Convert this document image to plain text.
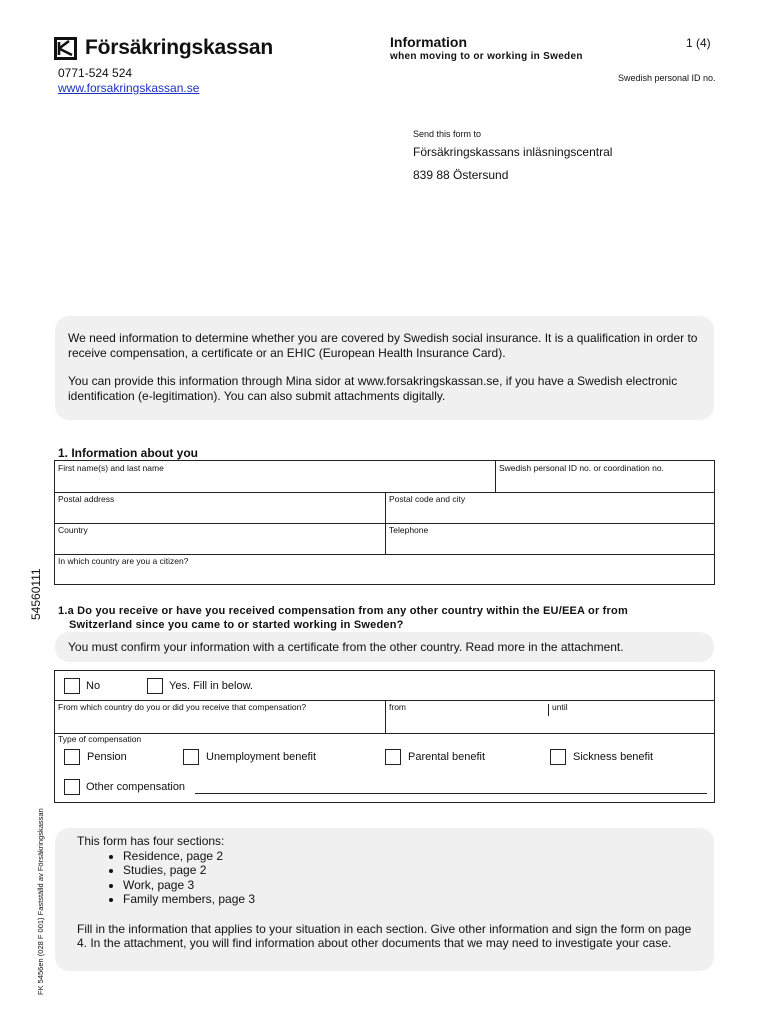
Försäkringskassan
0771-524 524
www.forsakringskassan.se
Information
when moving to or working in Sweden
1 (4)
Swedish personal ID no.
Send this form to
Försäkringskassans inläsningscentral
839 88 Östersund

We need information to determine whether you are covered by Swedish social insurance. It is a qualification in order to receive compensation, a certificate or an EHIC (European Health Insurance Card).

You can provide this information through Mina sidor at www.forsakringskassan.se, if you have a Swedish electronic identification (e-legitimation). You can also submit attachments digitally.

1. Information about you
First name(s) and last name	Swedish personal ID no. or coordination no.
Postal address	Postal code and city
Country	Telephone
In which country are you a citizen?
54560111 1.a Do you receive or have you received compensation from any other country within the EU/EEA or from
Switzerland since you came to or started working in Sweden?
You must confirm your information with a certificate from the other country. Read more in the attachment.
No	Yes. Fill in below.
From which country do you or did you receive that compensation?	from	until
Type of compensation
Pension	Unemployment benefit	Parental benefit	Sickness benefit
Other compensation

This form has four sections:

• Residence, page 2
• Studies, page 2
• Work, page 3
• Family members, page 3

Fill in the information that applies to your situation in each section. Give other information and sign the form on page 4. In the attachment, you will find information about other documents that we may need to investigate your case.

FK 5456en (028 F 001) Fastställd av Försäkringskassan
